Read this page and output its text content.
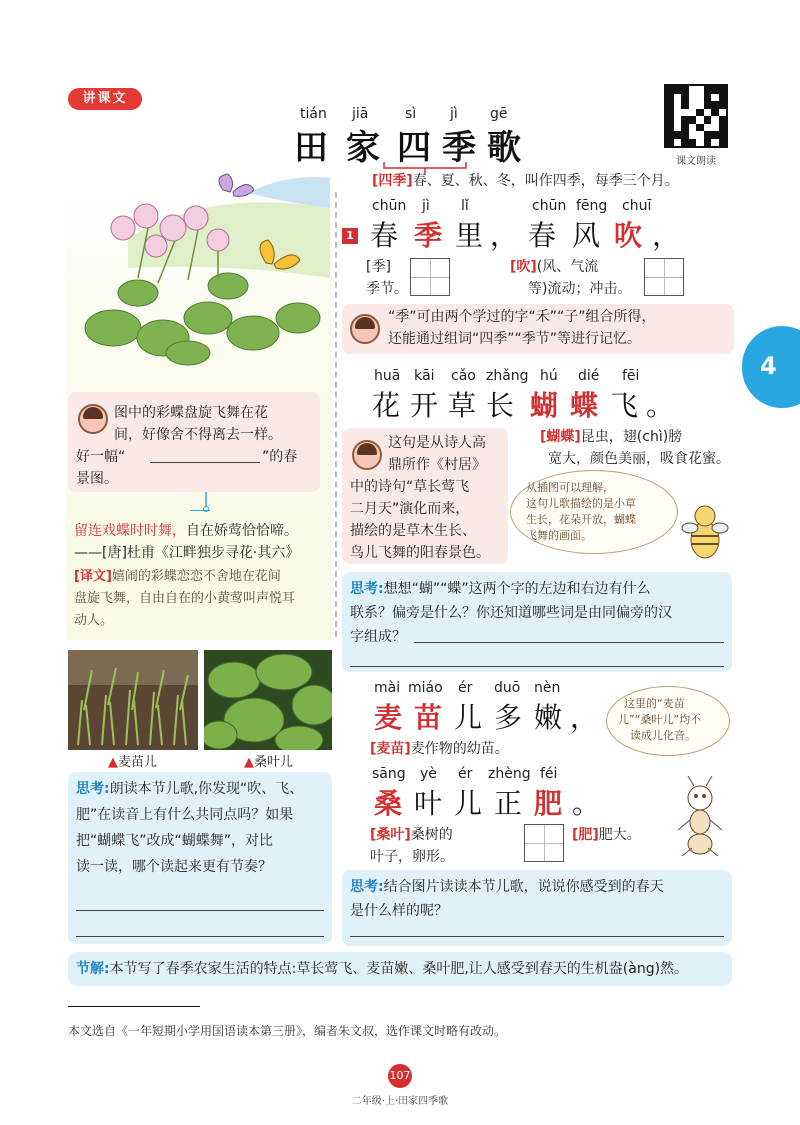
讲课文
tián jiā	sì jì gē
田 家 四 季 歌	课文朗读
4
[四季]春、夏、秋、冬，叫作四季，每季三个月。
图中的彩蝶盘旋飞舞在花
间，好像舍不得离去一样。
好一幅“	”的春
景图。
留连戏蝶时时舞，自在娇莺恰恰啼。
——[唐]杜甫《江畔独步寻花·其六》
[译文]嬉闹的彩蝶恋恋不舍地在花间
盘旋飞舞，自由自在的小黄莺叫声悦耳
动人。
▲麦苗儿	▲桑叶儿
思考:朗读本节儿歌,你发现“吹、飞、
肥”在读音上有什么共同点吗？如果
把“蝴蝶飞”改成“蝴蝶舞”，对比
读一读，哪个读起来更有节奏？
chūn jì lǐ	chūn fēng chuī
1 春 季 里 ， 春 风 吹 ，
[季]
季节。
[吹](风、气流
等)流动；冲击。
“季”可由两个学过的字“禾”“子”组合所得，
还能通过组词“四季”“季节”等进行记忆。
huā kāi cǎo zhǎng hú dié fēi
花 开 草 长 蝴 蝶 飞 。
[蝴蝶]昆虫，翅(chì)膀
宽大，颜色美丽，吸食花蜜。
这句是从诗人高
鼎所作《村居》
中的诗句“草长莺飞
二月天”演化而来，
描绘的是草木生长、
鸟儿飞舞的阳春景色。
从插图可以理解，
这句儿歌描绘的是小草
生长，花朵开放，蝴蝶
飞舞的画面。
思考:想想“蝴”“蝶”这两个字的左边和右边有什么
联系？偏旁是什么？你还知道哪些词是由同偏旁的汉
字组成？
mài miáo ér duō nèn
麦 苗 儿 多 嫩 ，
[麦苗]麦作物的幼苗。
这里的“麦苗
儿”“桑叶儿”均不
读成儿化音。
sāng yè ér zhèng féi
桑 叶 儿 正 肥 。
[桑叶]桑树的
叶子，卵形。
[肥]肥大。
思考:结合图片读读本节儿歌，说说你感受到的春天
是什么样的呢？
节解:本节写了春季农家生活的特点:草长莺飞、麦苗嫩、桑叶肥,让人感受到春天的生机盎(àng)然。
本文选自《一年短期小学用国语读本第三册》，编者朱文叔，选作课文时略有改动。
107
二年级·上·田家四季歌
